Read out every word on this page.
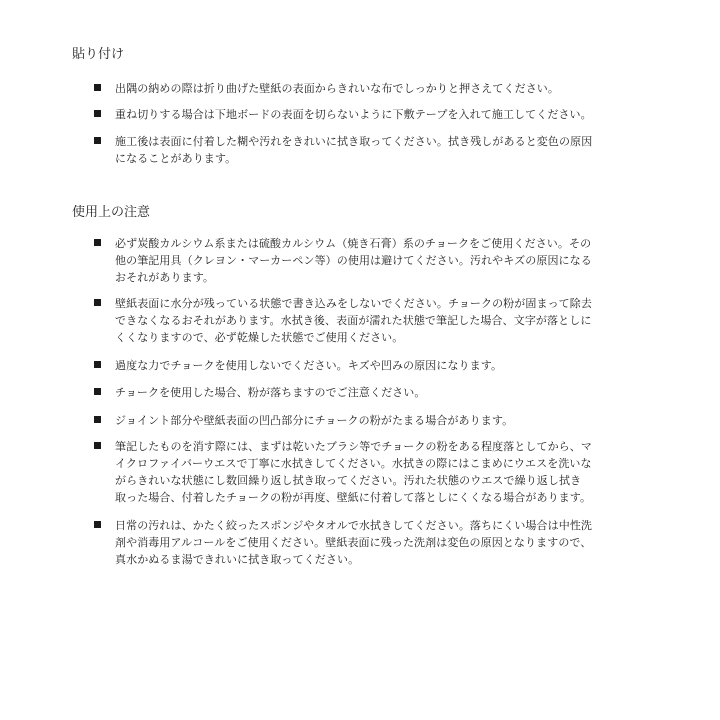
貼り付け

出隅の納めの際は折り曲げた壁紙の表面からきれいな布でしっかりと押さえてください。

重ね切りする場合は下地ボードの表面を切らないように下敷テープを入れて施工してください。

施工後は表面に付着した糊や汚れをきれいに拭き取ってください。拭き残しがあると変色の原因
になることがあります。

使用上の注意

必ず炭酸カルシウム系または硫酸カルシウム（焼き石膏）系のチョークをご使用ください。その
他の筆記用具（クレヨン・マーカーペン等）の使用は避けてください。汚れやキズの原因になる
おそれがあります。

壁紙表面に水分が残っている状態で書き込みをしないでください。チョークの粉が固まって除去
できなくなるおそれがあります。水拭き後、表面が濡れた状態で筆記した場合、文字が落としに
くくなりますので、必ず乾燥した状態でご使用ください。

過度な力でチョークを使用しないでください。キズや凹みの原因になります。

チョークを使用した場合、粉が落ちますのでご注意ください。

ジョイント部分や壁紙表面の凹凸部分にチョークの粉がたまる場合があります。

筆記したものを消す際には、まずは乾いたブラシ等でチョークの粉をある程度落としてから、マ
イクロファイバーウエスで丁寧に水拭きしてください。水拭きの際にはこまめにウエスを洗いな
がらきれいな状態にし数回繰り返し拭き取ってください。汚れた状態のウエスで繰り返し拭き
取った場合、付着したチョークの粉が再度、壁紙に付着して落としにくくなる場合があります。

日常の汚れは、かたく絞ったスポンジやタオルで水拭きしてください。落ちにくい場合は中性洗
剤や消毒用アルコールをご使用ください。壁紙表面に残った洗剤は変色の原因となりますので、
真水かぬるま湯できれいに拭き取ってください。
